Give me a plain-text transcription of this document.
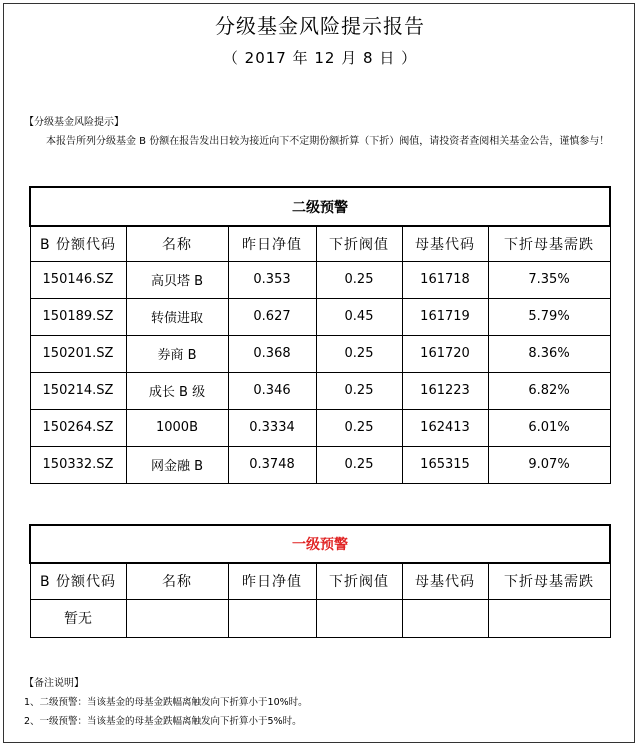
分级基金风险提示报告
（ 2017 年 12 月 8 日 ）
【分级基金风险提示】
本报告所列分级基金 B 份额在报告发出日较为接近向下不定期份额折算（下折）阀值，请投资者查阅相关基金公告，谨慎参与！
二级预警					
B 份额代码	名称	昨日净值	下折阀值	母基代码	下折母基需跌
150146.SZ	高贝塔 B	0.353	0.25	161718	7.35%
150189.SZ	转债进取	0.627	0.45	161719	5.79%
150201.SZ	券商 B	0.368	0.25	161720	8.36%
150214.SZ	成长 B 级	0.346	0.25	161223	6.82%
150264.SZ	1000B	0.3334	0.25	162413	6.01%
150332.SZ	网金融 B	0.3748	0.25	165315	9.07%
一级预警					
B 份额代码	名称	昨日净值	下折阀值	母基代码	下折母基需跌
暂无					
【备注说明】
1、二级预警：当该基金的母基金跌幅离触发向下折算小于10%时。
2、一级预警：当该基金的母基金跌幅离触发向下折算小于5%时。
